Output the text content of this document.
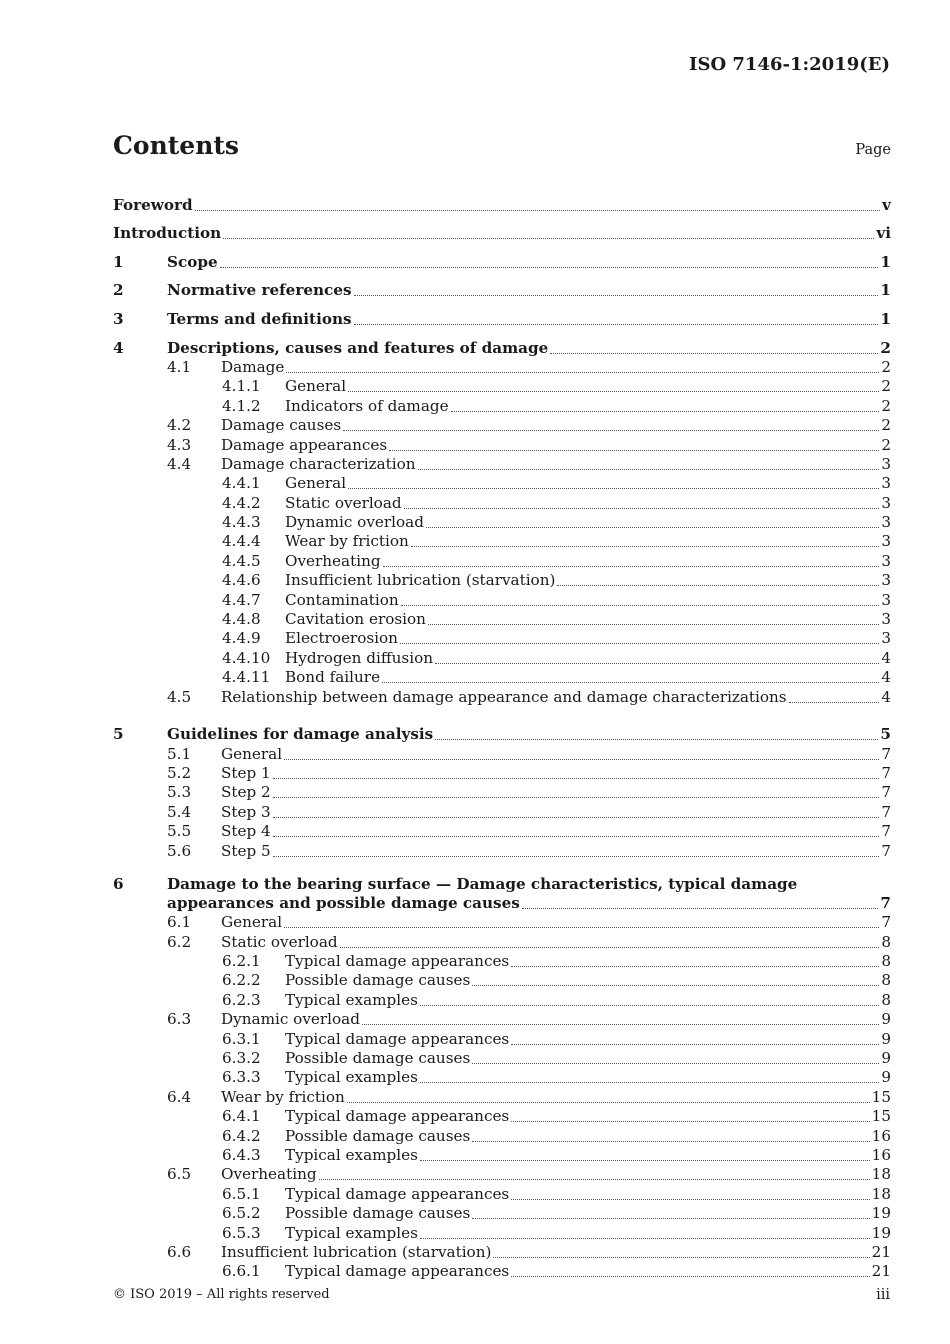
ISO 7146-1:2019(E)
Contents	Page
Foreword	v
Introduction	vi
1	Scope	1
2	Normative references	1
3	Terms and definitions	1
4	Descriptions, causes and features of damage	2
4.1	Damage	2
4.1.1	General	2
4.1.2	Indicators of damage	2
4.2	Damage causes	2
4.3	Damage appearances	2
4.4	Damage characterization	3
4.4.1	General	3
4.4.2	Static overload	3
4.4.3	Dynamic overload	3
4.4.4	Wear by friction	3
4.4.5	Overheating	3
4.4.6	Insufficient lubrication (starvation)	3
4.4.7	Contamination	3
4.4.8	Cavitation erosion	3
4.4.9	Electroerosion	3
4.4.10 Hydrogen diffusion	4
4.4.11 Bond failure	4
4.5	Relationship between damage appearance and damage characterizations	4
5	Guidelines for damage analysis	5
5.1	General	7
5.2	Step 1	7
5.3	Step 2	7
5.4	Step 3	7
5.5	Step 4	7
5.6	Step 5	7
6	Damage to the bearing surface — Damage characteristics, typical damage
appearances and possible damage causes	7
6.1	General	7
6.2	Static overload	8
6.2.1	Typical damage appearances	8
6.2.2	Possible damage causes	8
6.2.3	Typical examples	8
6.3	Dynamic overload	9
6.3.1	Typical damage appearances	9
6.3.2	Possible damage causes	9
6.3.3	Typical examples	9
6.4	Wear by friction	15
6.4.1	Typical damage appearances	15
6.4.2	Possible damage causes	16
6.4.3	Typical examples	16
6.5	Overheating	18
6.5.1	Typical damage appearances	18
6.5.2	Possible damage causes	19
6.5.3	Typical examples	19
6.6	Insufficient lubrication (starvation)	21
6.6.1	Typical damage appearances	21
© ISO 2019 – All rights reserved	iii
